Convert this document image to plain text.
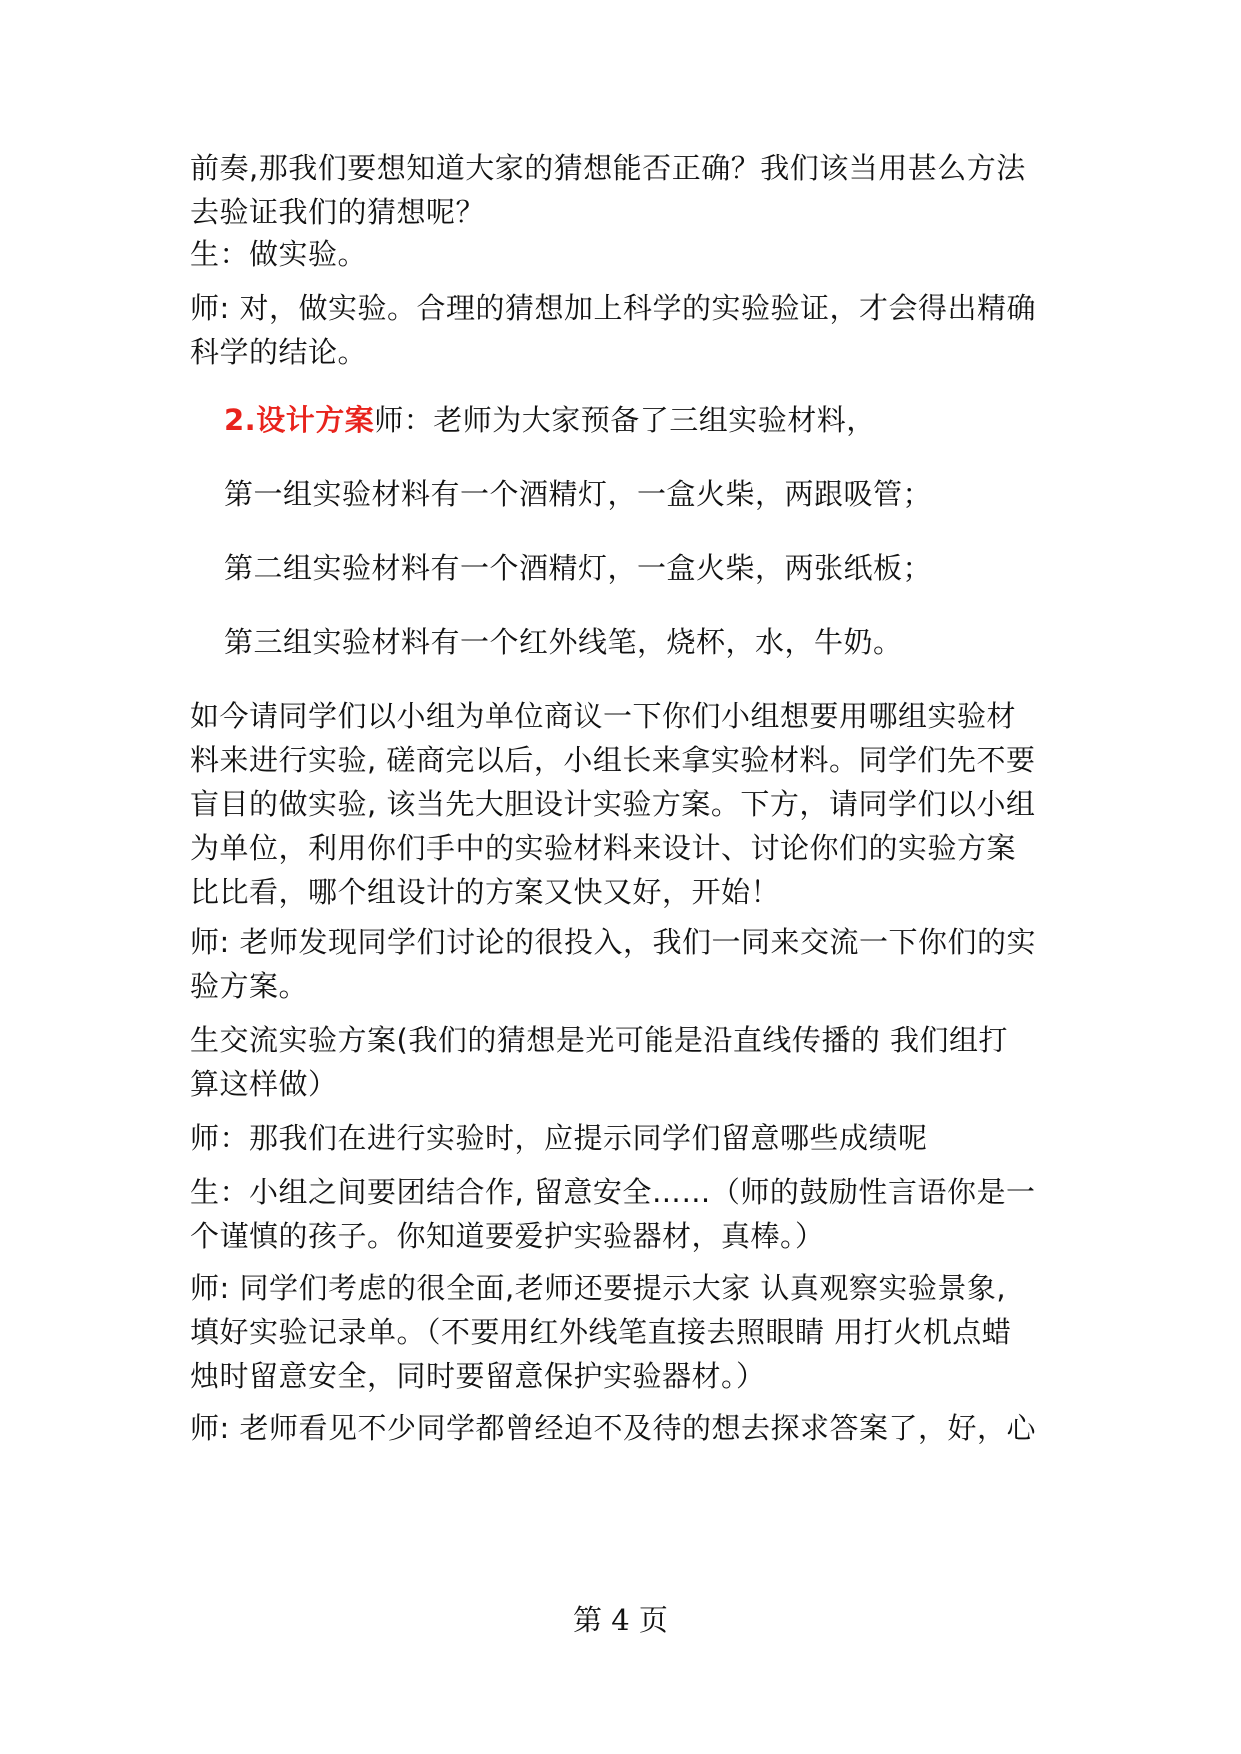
前奏,那我们要想知道大家的猜想能否正确？我们该当用甚么方法
去验证我们的猜想呢？

生：做实验。

师: 对，做实验。合理的猜想加上科学的实验验证，才会得出精确
科学的结论。

2.设计方案师：老师为大家预备了三组实验材料，

第一组实验材料有一个酒精灯，一盒火柴，两跟吸管；

第二组实验材料有一个酒精灯，一盒火柴，两张纸板；

第三组实验材料有一个红外线笔，烧杯，水，牛奶。

如今请同学们以小组为单位商议一下你们小组想要用哪组实验材
料来进行实验, 磋商完以后，小组长来拿实验材料。同学们先不要
盲目的做实验, 该当先大胆设计实验方案。下方，请同学们以小组
为单位，利用你们手中的实验材料来设计、讨论你们的实验方案
比比看，哪个组设计的方案又快又好，开始！

师: 老师发现同学们讨论的很投入，我们一同来交流一下你们的实
验方案。

生交流实验方案(我们的猜想是光可能是沿直线传播的 我们组打
算这样做）

师：那我们在进行实验时，应提示同学们留意哪些成绩呢

生：小组之间要团结合作, 留意安全……（师的鼓励性言语你是一
个谨慎的孩子。你知道要爱护实验器材，真棒。）

师: 同学们考虑的很全面,老师还要提示大家 认真观察实验景象,
填好实验记录单。（不要用红外线笔直接去照眼睛 用打火机点蜡
烛时留意安全，同时要留意保护实验器材。）

师: 老师看见不少同学都曾经迫不及待的想去探求答案了，好，心

第 4 页
